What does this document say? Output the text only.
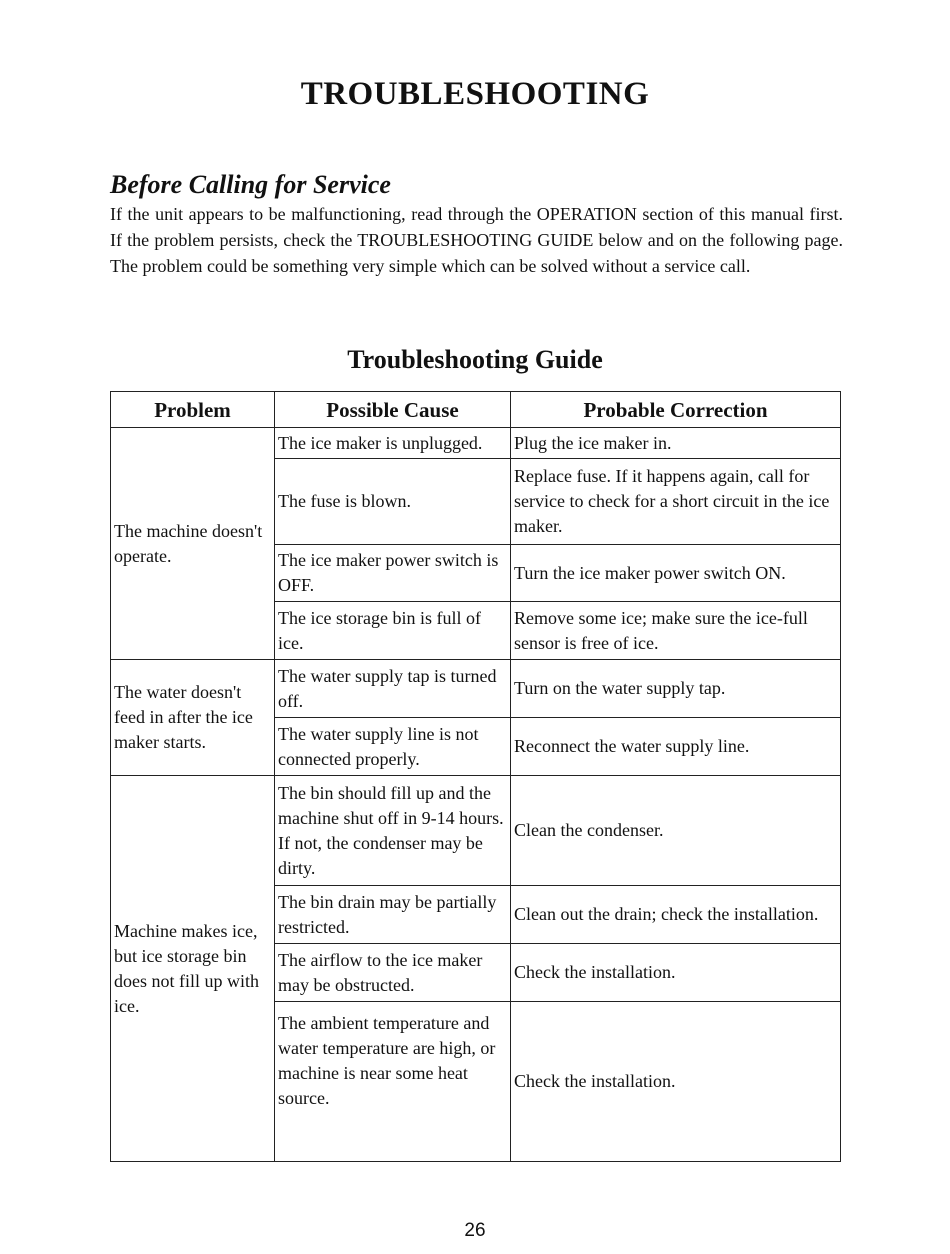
TROUBLESHOOTING
Before Calling for Service

If the unit appears to be malfunctioning, read through the OPERATION section of this manual first. If the problem persists, check the TROUBLESHOOTING GUIDE below and on the following page. The problem could be something very simple which can be solved without a service call.

Troubleshooting Guide
Problem	Possible Cause	Probable Correction
The machine doesn't operate.	The ice maker is unplugged.	Plug the ice maker in.
	The fuse is blown.	Replace fuse. If it happens again, call for service to check for a short circuit in the ice maker.
	The ice maker power switch is OFF.	Turn the ice maker power switch ON.
	The ice storage bin is full of ice.	Remove some ice; make sure the ice-full sensor is free of ice.
The water doesn't feed in after the ice maker starts.	The water supply tap is turned off.	Turn on the water supply tap.
	The water supply line is not connected properly.	Reconnect the water supply line.
Machine makes ice, but ice storage bin does not fill up with ice.	The bin should fill up and the machine shut off in 9-14 hours. If not, the condenser may be dirty.	Clean the condenser.
	The bin drain may be partially restricted.	Clean out the drain; check the installation.
	The airflow to the ice maker may be obstructed.	Check the installation.
	The ambient temperature and water temperature are high, or machine is near some heat source.	Check the installation.
26
